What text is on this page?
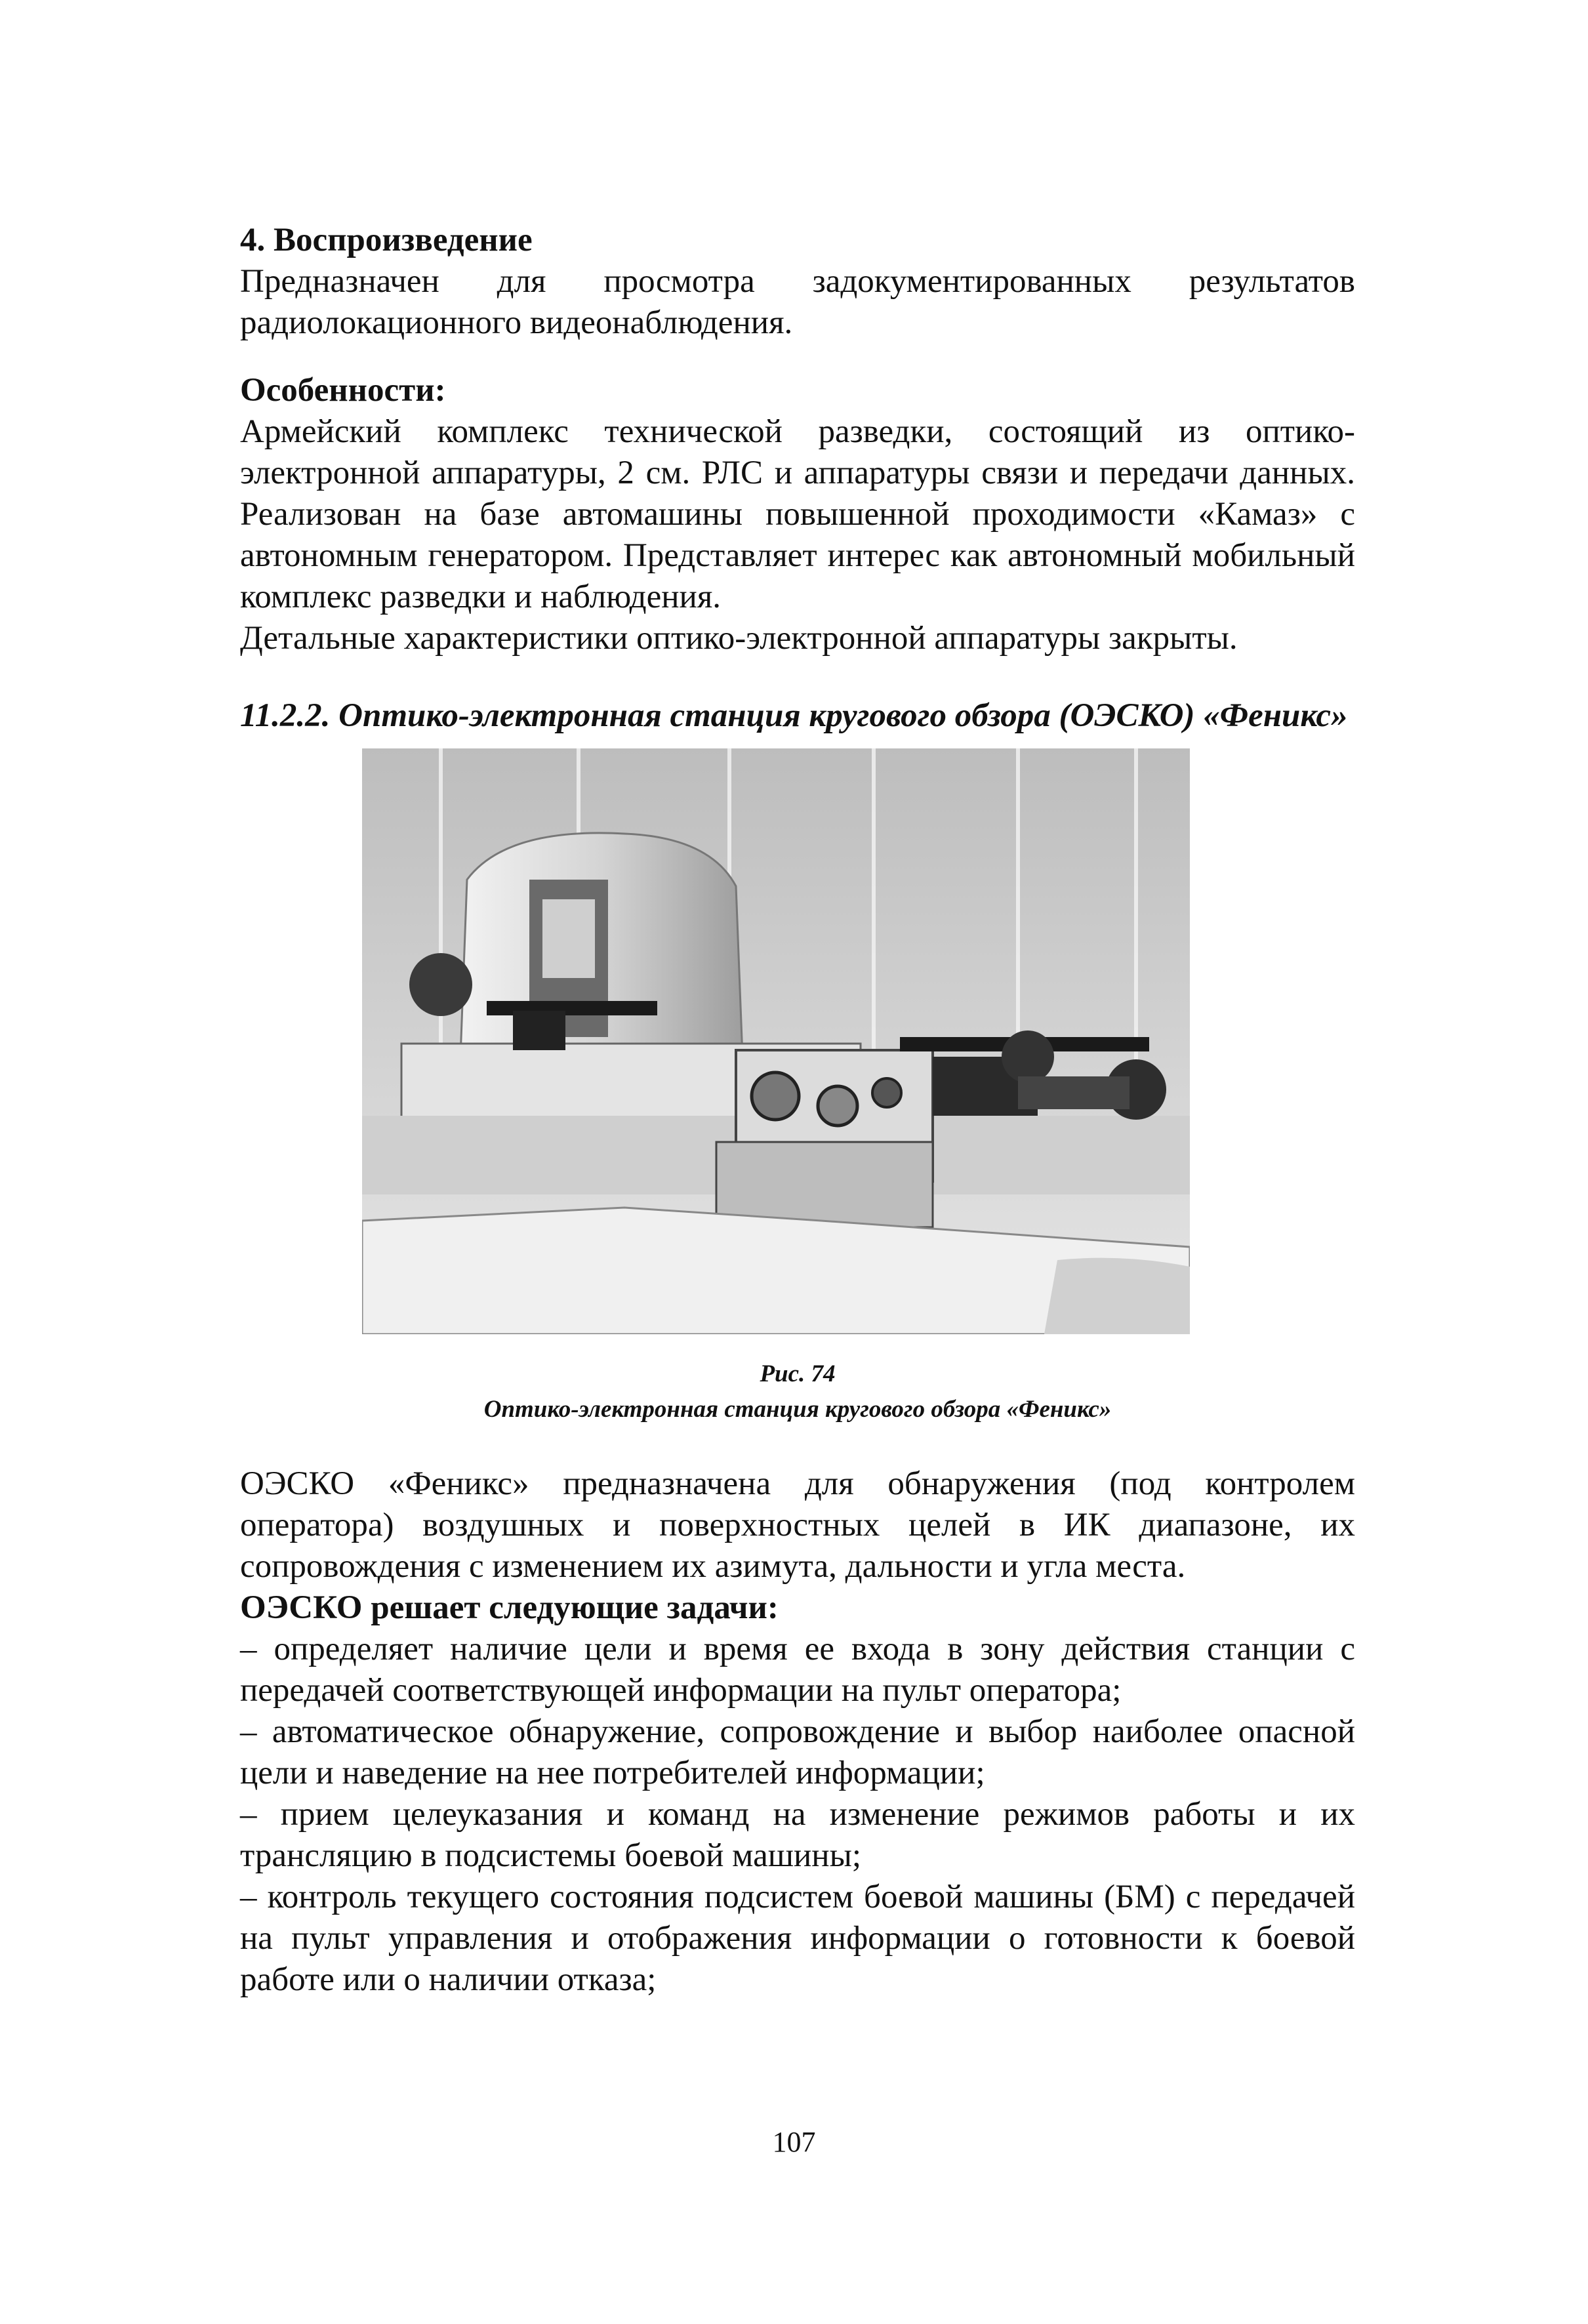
4. Воспроизведение

Предназначен для просмотра задокументированных результатов радиолокационного видеонаблюдения.

Особенности:

Армейский комплекс технической разведки, состоящий из оптико-электронной аппаратуры, 2 см. РЛС и аппаратуры связи и передачи данных. Реализован на базе автомашины повышенной проходимости «Камаз» с автономным генератором. Представляет интерес как автономный мобильный комплекс разведки и наблюдения.

Детальные характеристики оптико-электронной аппаратуры закрыты.

11.2.2. Оптико-электронная станция кругового обзора (ОЭСКО) «Феникс»

Рис. 74

Оптико-электронная станция кругового обзора «Феникс»

ОЭСКО «Феникс» предназначена для обнаружения (под контролем оператора) воздушных и поверхностных целей в ИК диапазоне, их сопровождения с изменением их азимута, дальности и угла места.

ОЭСКО решает следующие задачи:

– определяет наличие цели и время ее входа в зону действия станции с передачей соответствующей информации на пульт оператора;

– автоматическое обнаружение, сопровождение и выбор наиболее опасной цели и наведение на нее потребителей информации;

– прием целеуказания и команд на изменение режимов работы и их трансляцию в подсистемы боевой машины;

– контроль текущего состояния подсистем боевой машины (БМ) с передачей на пульт управления и отображения информации о готовности к боевой работе или о наличии отказа;

107
